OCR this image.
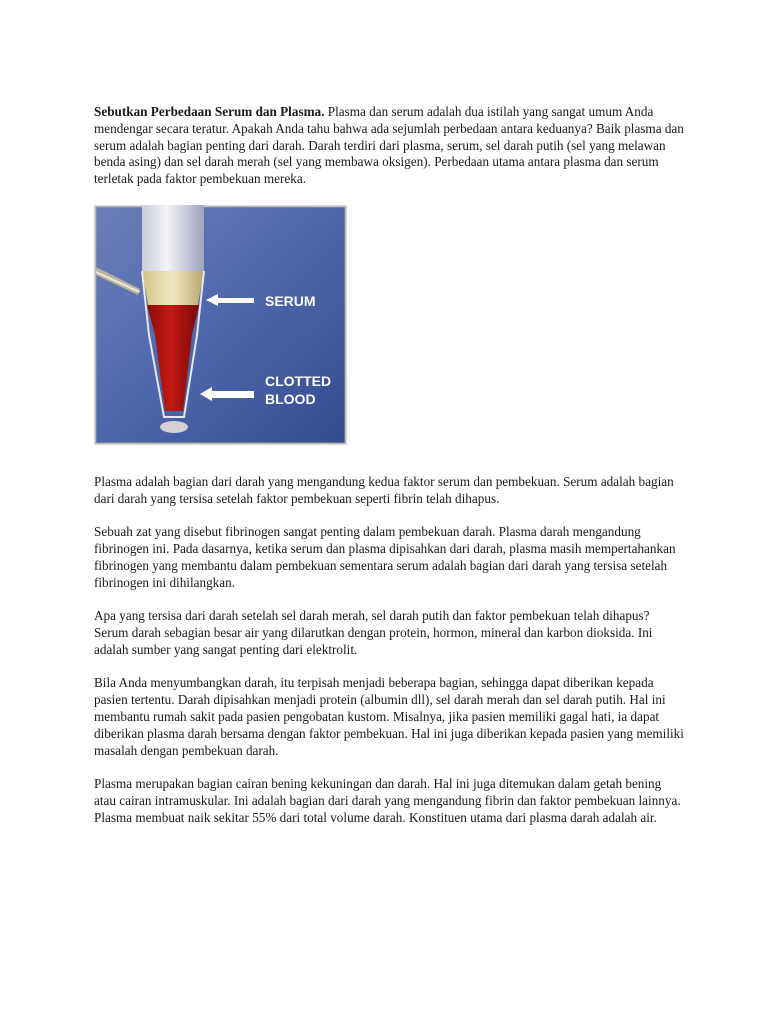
Sebutkan Perbedaan Serum dan Plasma. Plasma dan serum adalah dua istilah yang sangat umum Anda mendengar secara teratur. Apakah Anda tahu bahwa ada sejumlah perbedaan antara keduanya? Baik plasma dan serum adalah bagian penting dari darah. Darah terdiri dari plasma, serum, sel darah putih (sel yang melawan benda asing) dan sel darah merah (sel yang membawa oksigen). Perbedaan utama antara plasma dan serum terletak pada faktor pembekuan mereka.

SERUM
CLOTTED
BLOOD

Plasma adalah bagian dari darah yang mengandung kedua faktor serum dan pembekuan. Serum adalah bagian dari darah yang tersisa setelah faktor pembekuan seperti fibrin telah dihapus.

Sebuah zat yang disebut fibrinogen sangat penting dalam pembekuan darah. Plasma darah mengandung fibrinogen ini. Pada dasarnya, ketika serum dan plasma dipisahkan dari darah, plasma masih mempertahankan fibrinogen yang membantu dalam pembekuan sementara serum adalah bagian dari darah yang tersisa setelah fibrinogen ini dihilangkan.

Apa yang tersisa dari darah setelah sel darah merah, sel darah putih dan faktor pembekuan telah dihapus? Serum darah sebagian besar air yang dilarutkan dengan protein, hormon, mineral dan karbon dioksida. Ini adalah sumber yang sangat penting dari elektrolit.

Bila Anda menyumbangkan darah, itu terpisah menjadi beberapa bagian, sehingga dapat diberikan kepada pasien tertentu. Darah dipisahkan menjadi protein (albumin dll), sel darah merah dan sel darah putih. Hal ini membantu rumah sakit pada pasien pengobatan kustom. Misalnya, jika pasien memiliki gagal hati, ia dapat diberikan plasma darah bersama dengan faktor pembekuan. Hal ini juga diberikan kepada pasien yang memiliki masalah dengan pembekuan darah.

Plasma merupakan bagian cairan bening kekuningan dan darah. Hal ini juga ditemukan dalam getah bening atau cairan intramuskular. Ini adalah bagian dari darah yang mengandung fibrin dan faktor pembekuan lainnya. Plasma membuat naik sekitar 55% dari total volume darah. Konstituen utama dari plasma darah adalah air.
